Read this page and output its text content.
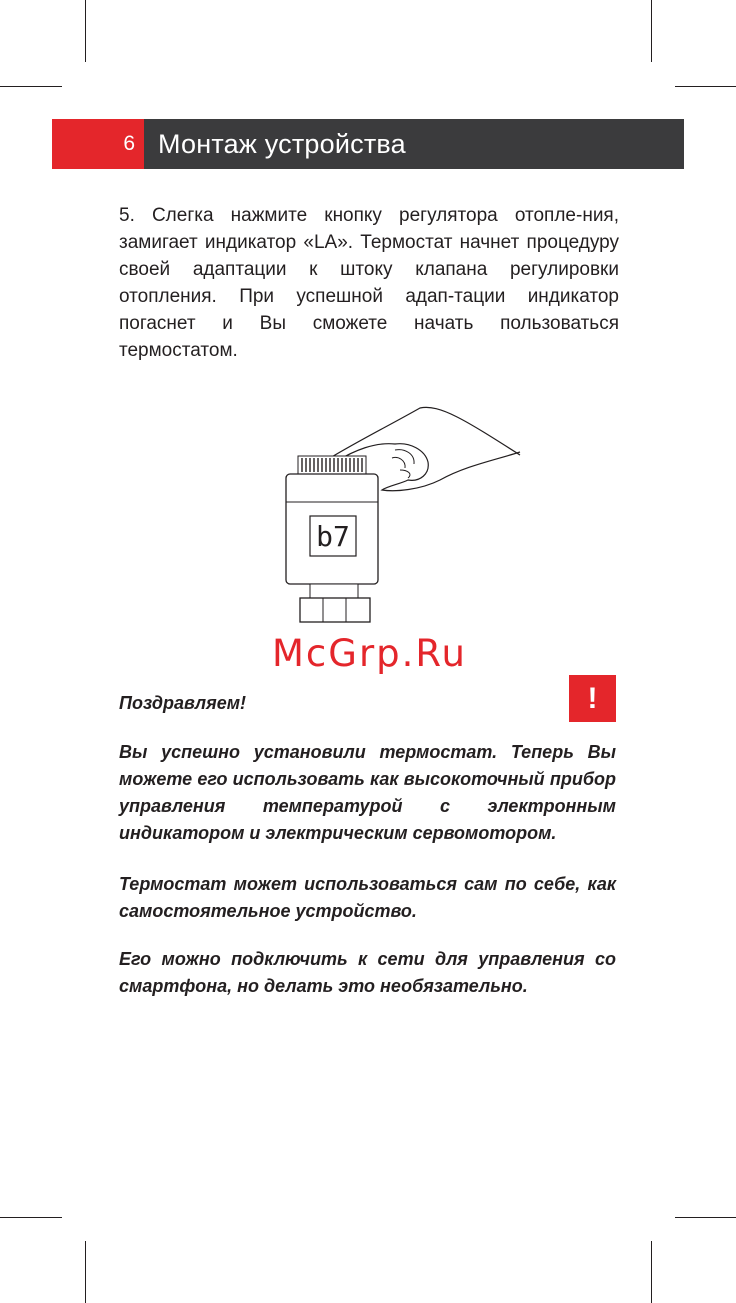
6 Монтаж устройства
5. Слегка нажмите кнопку регулятора отопле-ния, замигает индикатор «LA». Термостат начнет процедуру своей адаптации к штоку клапана регулировки отопления. При успешной адап-тации индикатор погаснет и Вы сможете начать пользоваться термостатом.
b7
McGrp.Ru
!
Поздравляем!
Вы успешно установили термостат. Теперь Вы можете его использовать как высокоточный прибор управления температурой с электронным индикатором и электрическим сервомотором.
Термостат может использоваться сам по себе, как самостоятельное устройство.
Его можно подключить к сети для управления со смартфона, но делать это необязательно.
